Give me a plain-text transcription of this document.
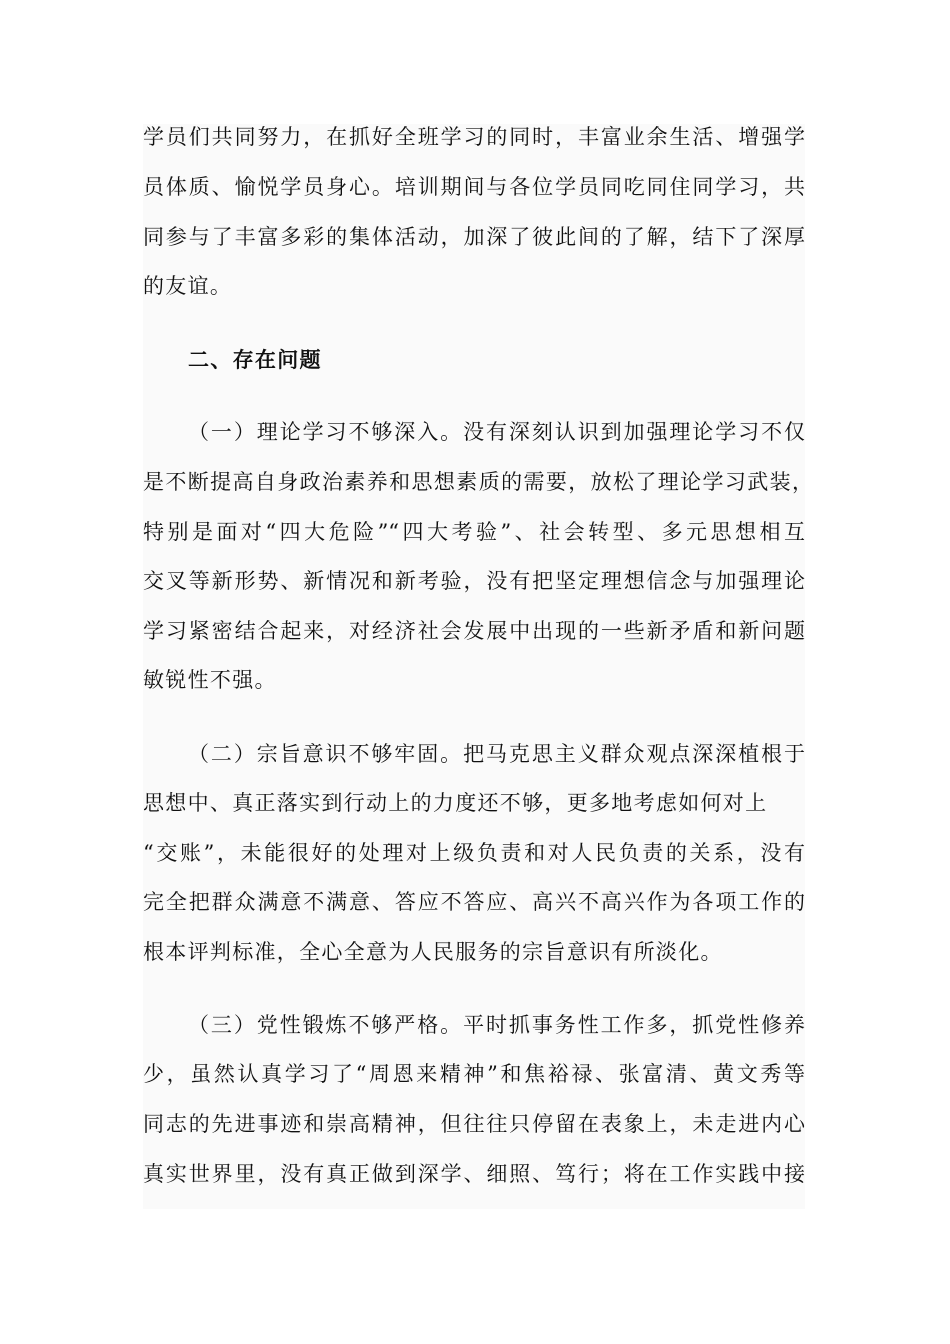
学员们共同努力，在抓好全班学习的同时，丰富业余生活、增强学
员体质、愉悦学员身心。培训期间与各位学员同吃同住同学习，共
同参与了丰富多彩的集体活动，加深了彼此间的了解，结下了深厚
的友谊。
二、存在问题
（一）理论学习不够深入。没有深刻认识到加强理论学习不仅
是不断提高自身政治素养和思想素质的需要，放松了理论学习武装，
特别是面对“四大危险”“四大考验”、社会转型、多元思想相互
交叉等新形势、新情况和新考验，没有把坚定理想信念与加强理论
学习紧密结合起来，对经济社会发展中出现的一些新矛盾和新问题
敏锐性不强。
（二）宗旨意识不够牢固。把马克思主义群众观点深深植根于
思想中、真正落实到行动上的力度还不够，更多地考虑如何对上
“交账”，未能很好的处理对上级负责和对人民负责的关系，没有
完全把群众满意不满意、答应不答应、高兴不高兴作为各项工作的
根本评判标准，全心全意为人民服务的宗旨意识有所淡化。
（三）党性锻炼不够严格。平时抓事务性工作多，抓党性修养
少，虽然认真学习了“周恩来精神”和焦裕禄、张富清、黄文秀等
同志的先进事迹和崇高精神，但往往只停留在表象上，未走进内心
真实世界里，没有真正做到深学、细照、笃行；将在工作实践中接
